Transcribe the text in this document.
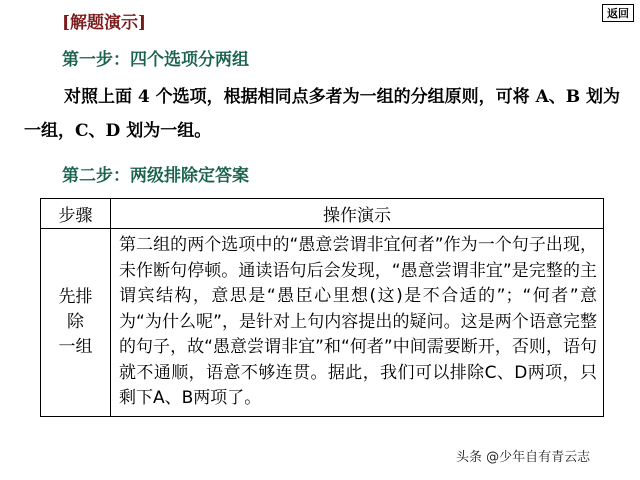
返回
[解题演示]
第一步：四个选项分两组

对照上面 4 个选项，根据相同点多者为一组的分组原则，可将 A、B 划为一组，C、D 划为一组。

第二步：两级排除定答案
步骤	操作演示

先排
除
一组	第二组的两个选项中的“愚意尝谓非宜何者”作为一个句子出现，未作断句停顿。通读语句后会发现，“愚意尝谓非宜”是完整的主谓宾结构，意思是“愚臣心里想(这)是不合适的”；“何者”意为“为什么呢”，是针对上句内容提出的疑问。这是两个语意完整的句子，故“愚意尝谓非宜”和“何者”中间需要断开，否则，语句就不通顺，语意不够连贯。据此，我们可以排除C、D两项，只剩下A、B两项了。
头条 @少年自有青云志
